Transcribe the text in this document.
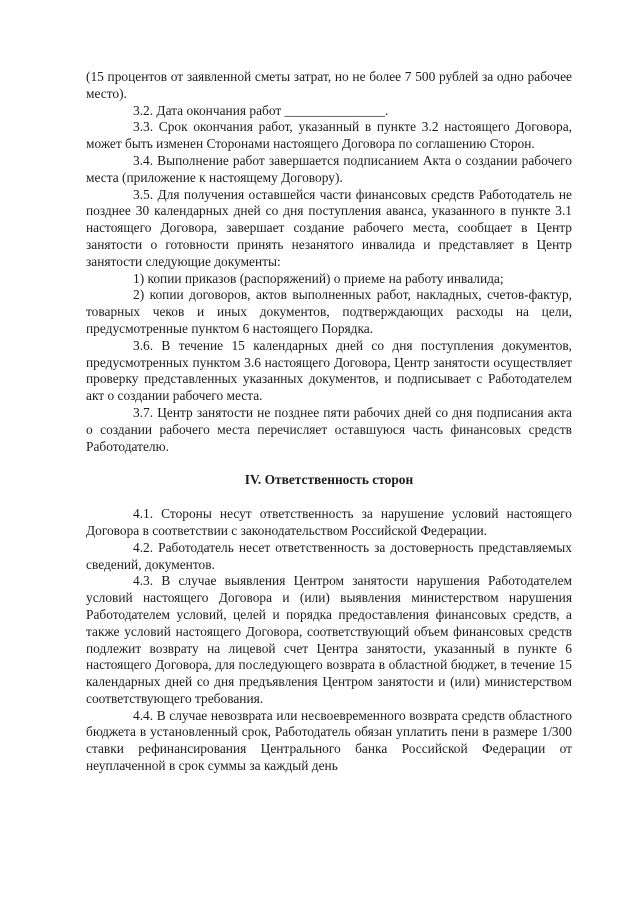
(15 процентов от заявленной сметы затрат, но не более 7 500 рублей за одно рабочее место).

3.2. Дата окончания работ _______________.

3.3. Срок окончания работ, указанный в пункте 3.2 настоящего Договора, может быть изменен Сторонами настоящего Договора по соглашению Сторон.

3.4. Выполнение работ завершается подписанием Акта о создании рабочего места (приложение к настоящему Договору).

3.5. Для получения оставшейся части финансовых средств Работодатель не позднее 30 календарных дней со дня поступления аванса, указанного в пункте 3.1 настоящего Договора, завершает создание рабочего места, сообщает в Центр занятости о готовности принять незанятого инвалида и представляет в Центр занятости следующие документы:

1) копии приказов (распоряжений) о приеме на работу инвалида;

2) копии договоров, актов выполненных работ, накладных, счетов-фактур, товарных чеков и иных документов, подтверждающих расходы на цели, предусмотренные пунктом 6 настоящего Порядка.

3.6. В течение 15 календарных дней со дня поступления документов, предусмотренных пунктом 3.6 настоящего Договора, Центр занятости осуществляет проверку представленных указанных документов, и подписывает с Работодателем акт о создании рабочего места.

3.7. Центр занятости не позднее пяти рабочих дней со дня подписания акта о создании рабочего места перечисляет оставшуюся часть финансовых средств Работодателю.

IV. Ответственность сторон

4.1. Стороны несут ответственность за нарушение условий настоящего Договора в соответствии с законодательством Российской Федерации.

4.2. Работодатель несет ответственность за достоверность представляемых сведений, документов.

4.3. В случае выявления Центром занятости нарушения Работодателем условий настоящего Договора и (или) выявления министерством нарушения Работодателем условий, целей и порядка предоставления финансовых средств, а также условий настоящего Договора, соответствующий объем финансовых средств подлежит возврату на лицевой счет Центра занятости, указанный в пункте 6 настоящего Договора, для последующего возврата в областной бюджет, в течение 15 календарных дней со дня предъявления Центром занятости и (или) министерством соответствующего требования.

4.4. В случае невозврата или несвоевременного возврата средств областного бюджета в установленный срок, Работодатель обязан уплатить пени в размере 1/300 ставки рефинансирования Центрального банка Российской Федерации от неуплаченной в срок суммы за каждый день
